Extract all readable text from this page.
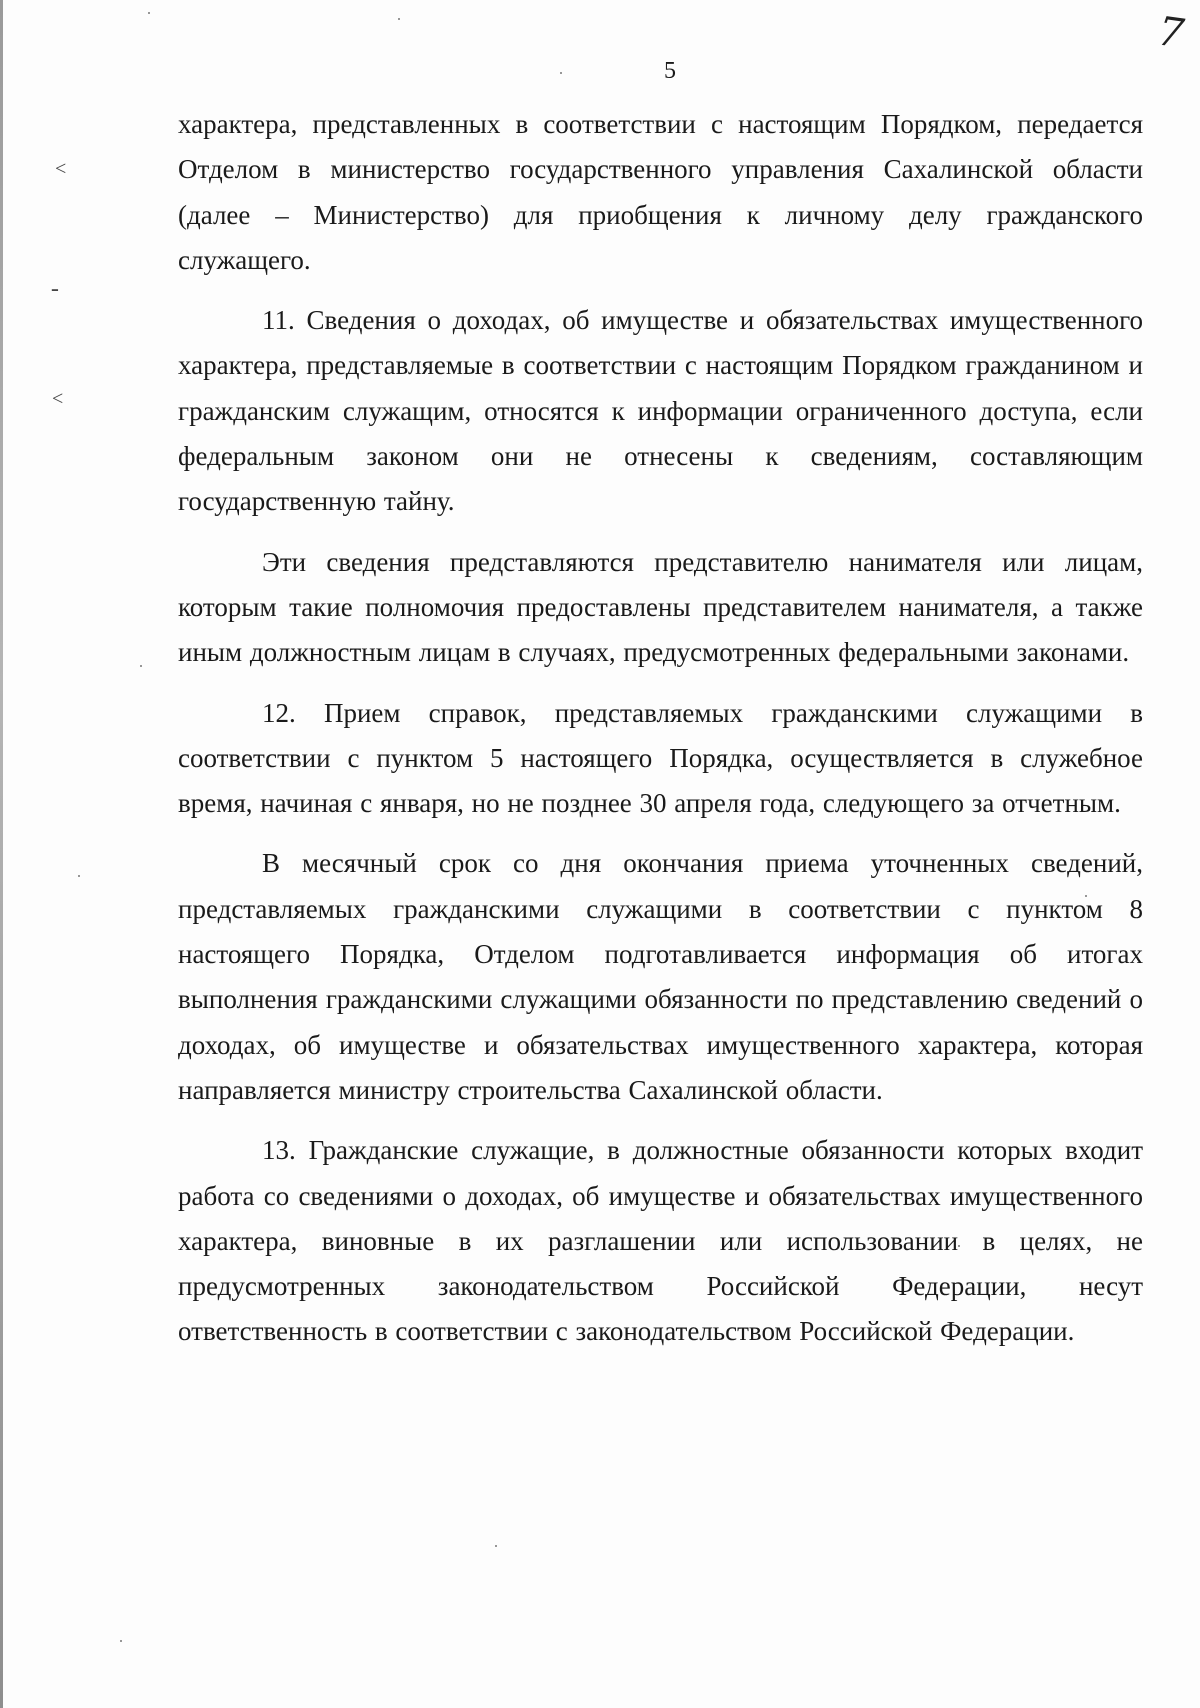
5
7
<
ـ
˂

характера, представленных в соответствии с настоящим Порядком, передается Отделом в министерство государственного управления Сахалинской области (далее – Министерство) для приобщения к личному делу гражданского служащего.

11. Сведения о доходах, об имуществе и обязательствах имущественного характера, представляемые в соответствии с настоящим Порядком гражданином и гражданским служащим, относятся к информации ограниченного доступа, если федеральным законом они не отнесены к сведениям, составляющим государственную тайну.

Эти сведения представляются представителю нанимателя или лицам, которым такие полномочия предоставлены представителем нанимателя, а также иным должностным лицам в случаях, предусмотренных федеральными законами.

12. Прием справок, представляемых гражданскими служащими в соответствии с пунктом 5 настоящего Порядка, осуществляется в служебное время, начиная с января, но не позднее 30 апреля года, следующего за отчетным.

В месячный срок со дня окончания приема уточненных сведений, представляемых гражданскими служащими в соответствии с пунктом 8 настоящего Порядка, Отделом подготавливается информация об итогах выполнения гражданскими служащими обязанности по представлению сведений о доходах, об имуществе и обязательствах имущественного характера, которая направляется министру строительства Сахалинской области.

13. Гражданские служащие, в должностные обязанности которых входит работа со сведениями о доходах, об имуществе и обязательствах имущественного характера, виновные в их разглашении или использовании в целях, не предусмотренных законодательством Российской Федерации, несут ответственность в соответствии с законодательством Российской Федерации.
